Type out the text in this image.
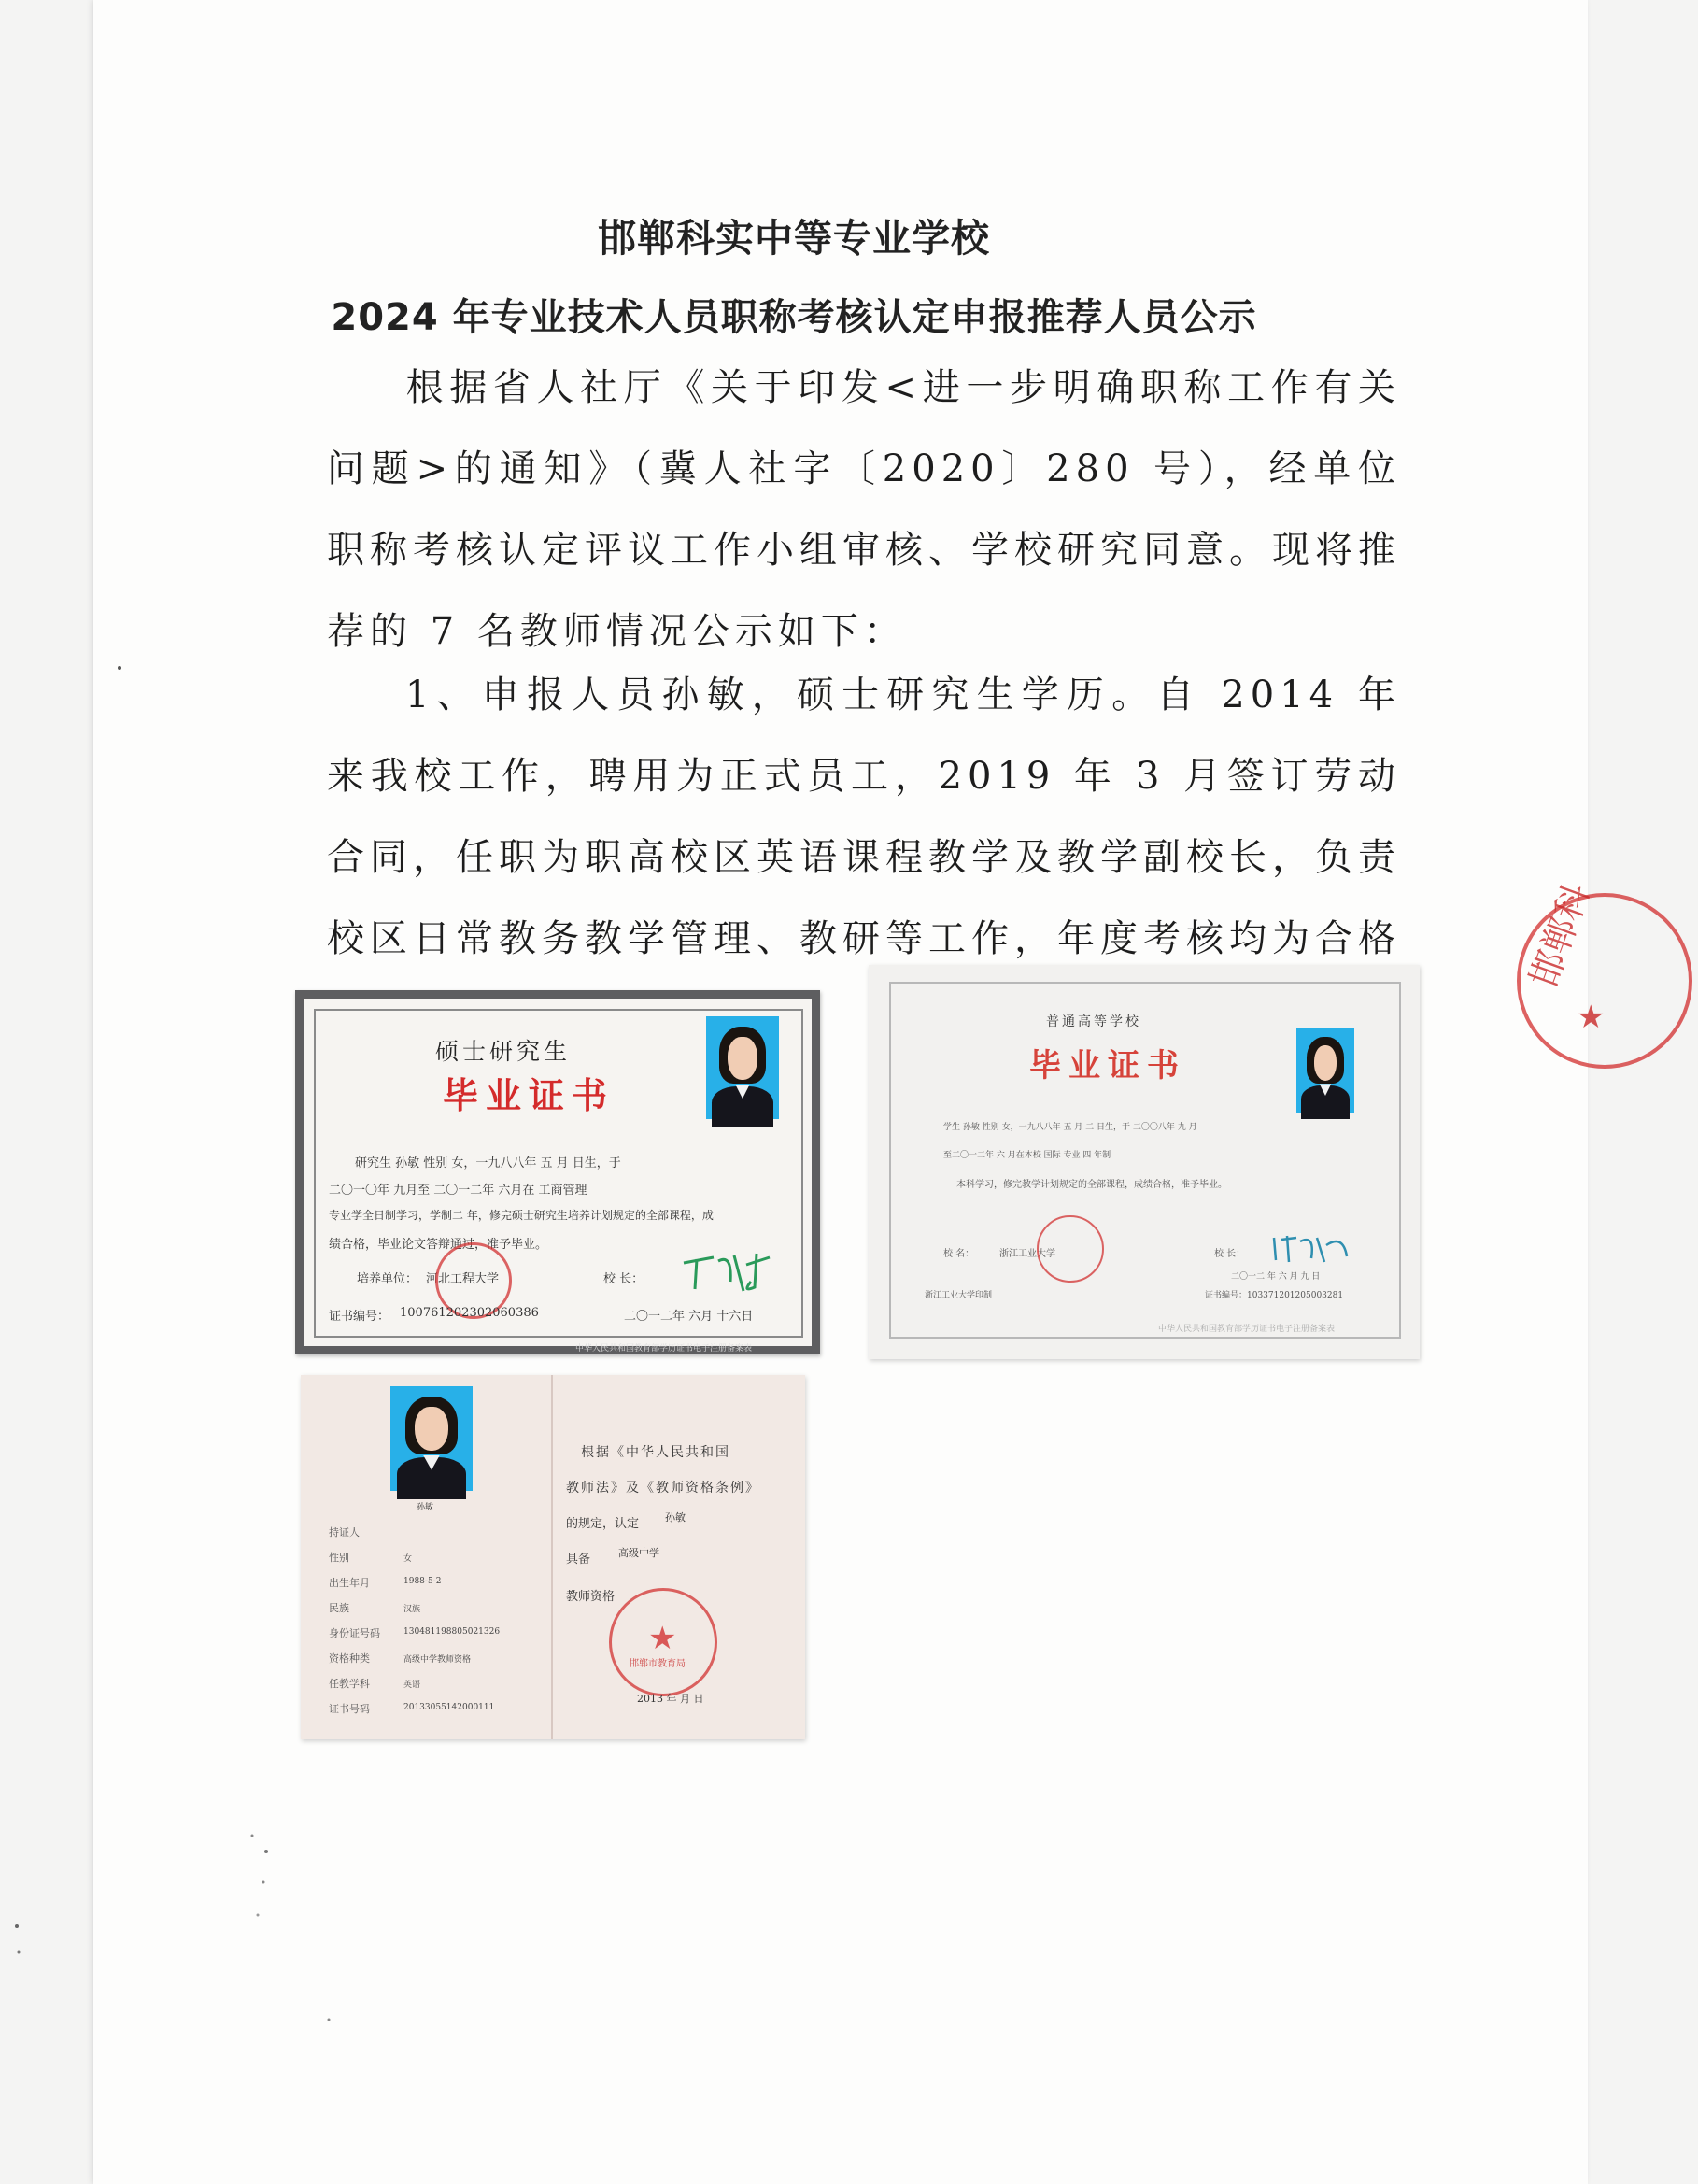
邯郸科实中等专业学校
2024 年专业技术人员职称考核认定申报推荐人员公示

根据省人社厅《关于印发<进一步明确职称工作有关问题>的通知》（冀人社字〔2020〕280 号），经单位职称考核认定评议工作小组审核、学校研究同意。现将推荐的 7 名教师情况公示如下：

1、申报人员孙敏，硕士研究生学历。自 2014 年来我校工作，聘用为正式员工，2019 年 3 月签订劳动合同，任职为职高校区英语课程教学及教学副校长，负责校区日常教务教学管理、教研等工作，年度考核均为合格

硕士研究生
毕业证书
研究生 孙敏 性别 女，一九八八年 五 月 日生，于
二〇一〇年 九月至 二〇一二年 六月在 工商管理
专业学全日制学习，学制二 年，修完硕士研究生培养计划规定的全部课程，成
绩合格，毕业论文答辩通过，准予毕业。
培养单位： 河北工程大学	校 长：
证书编号： 100761202302060386	二〇一二年 六月 十六日
中华人民共和国教育部学历证书电子注册备案表
普通高等学校
毕业证书
学生 孙敏 性别 女，一九八八年 五 月 二 日生，于 二〇〇八年 九 月
至二〇一二年 六 月在本校 国际 专业 四 年制
本科学习，修完教学计划规定的全部课程，成绩合格，准予毕业。
校 名：	浙江工业大学	校 长：
二〇一二 年 六 月 九 日
证书编号：103371201205003281
浙江工业大学印制
中华人民共和国教育部学历证书电子注册备案表
孙敏
持证人
性别	女
出生年月	1988-5-2
民族	汉族
身份证号码	130481198805021326
资格种类	高级中学教师资格
任教学科	英语
证书号码	20133055142000111
根据《中华人民共和国
教师法》及《教师资格条例》
的规定，认定	孙敏
具备	高级中学
教师资格
★
邯郸市教育局
2013 年 月 日
邯郸科
★
